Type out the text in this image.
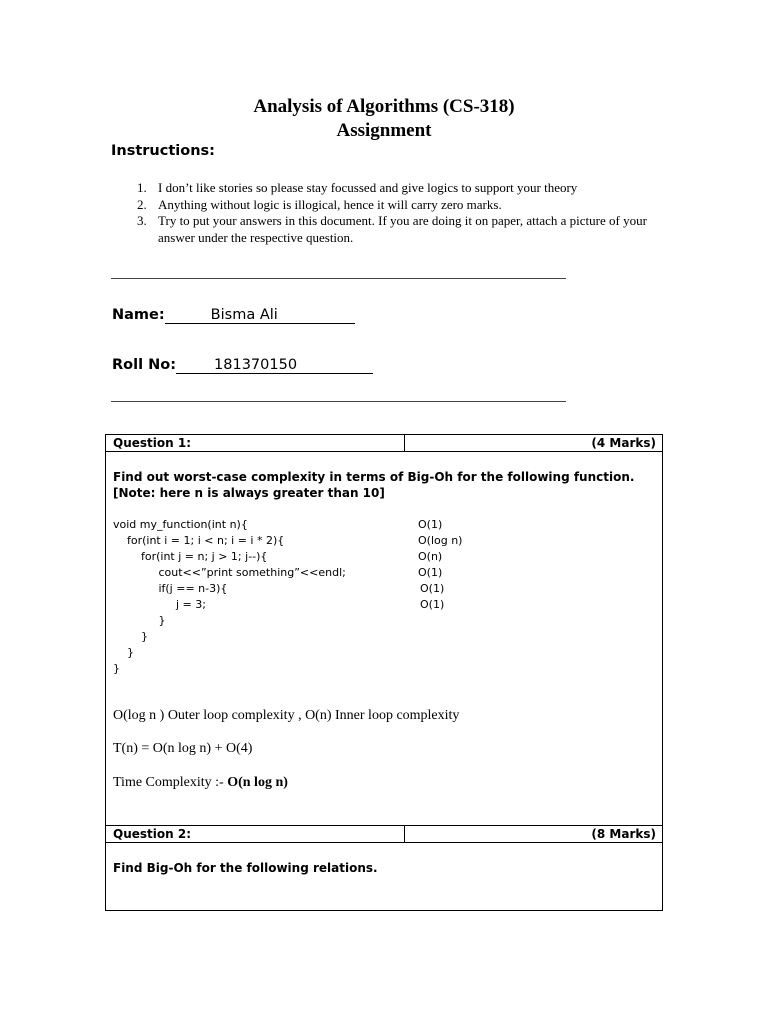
Analysis of Algorithms (CS-318)
Assignment
Instructions:
1. I don’t like stories so please stay focussed and give logics to support your theory
2. Anything without logic is illogical, hence it will carry zero marks.
3. Try to put your answers in this document. If you are doing it on paper, attach a picture of your answer under the respective question.
Name:	Bisma Ali
Roll No:	181370150
Question 1:	(4 Marks)
Find out worst-case complexity in terms of Big-Oh for the following function. [Note: here n is always greater than 10]
void my_function(int n){	O(1)
for(int i = 1; i < n; i = i * 2){	O(log n)
for(int j = n; j > 1; j--){	O(n)
cout<<”print something”<<endl;	O(1)
if(j == n-3){	O(1)
j = 3;	O(1)
}
}
}
}
O(log n ) Outer loop complexity , O(n) Inner loop complexity
T(n) = O(n log n) + O(4)
Time Complexity :- O(n log n)
Question 2:	(8 Marks)
Find Big-Oh for the following relations.
